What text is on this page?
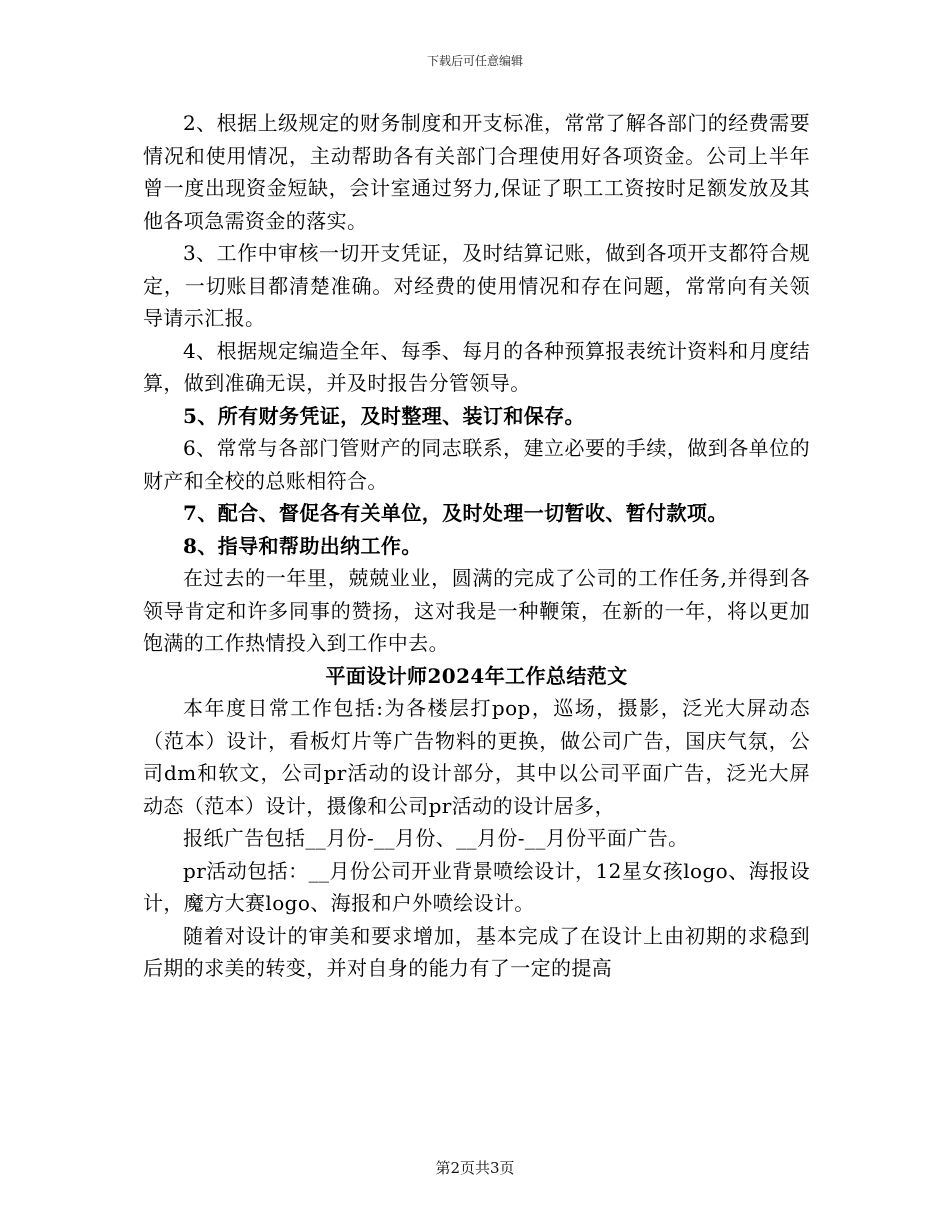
下载后可任意编辑

2、根据上级规定的财务制度和开支标准，常常了解各部门的经费需要情况和使用情况，主动帮助各有关部门合理使用好各项资金。公司上半年曾一度出现资金短缺，会计室通过努力,保证了职工工资按时足额发放及其他各项急需资金的落实。

3、工作中审核一切开支凭证，及时结算记账，做到各项开支都符合规定，一切账目都清楚准确。对经费的使用情况和存在问题，常常向有关领导请示汇报。

4、根据规定编造全年、每季、每月的各种预算报表统计资料和月度结算，做到准确无误，并及时报告分管领导。

5、所有财务凭证，及时整理、装订和保存。

6、常常与各部门管财产的同志联系，建立必要的手续，做到各单位的财产和全校的总账相符合。

7、配合、督促各有关单位，及时处理一切暂收、暂付款项。

8、指导和帮助出纳工作。

在过去的一年里，兢兢业业，圆满的完成了公司的工作任务,并得到各领导肯定和许多同事的赞扬，这对我是一种鞭策，在新的一年，将以更加饱满的工作热情投入到工作中去。

平面设计师2024年工作总结范文

本年度日常工作包括:为各楼层打pop，巡场，摄影，泛光大屏动态（范本）设计，看板灯片等广告物料的更换，做公司广告，国庆气氛，公司dm和软文，公司pr活动的设计部分，其中以公司平面广告，泛光大屏动态（范本）设计，摄像和公司pr活动的设计居多，

报纸广告包括__月份-__月份、__月份-__月份平面广告。

pr活动包括：__月份公司开业背景喷绘设计，12星女孩logo、海报设计，魔方大赛logo、海报和户外喷绘设计。

随着对设计的审美和要求增加，基本完成了在设计上由初期的求稳到后期的求美的转变，并对自身的能力有了一定的提高

第2页共3页
